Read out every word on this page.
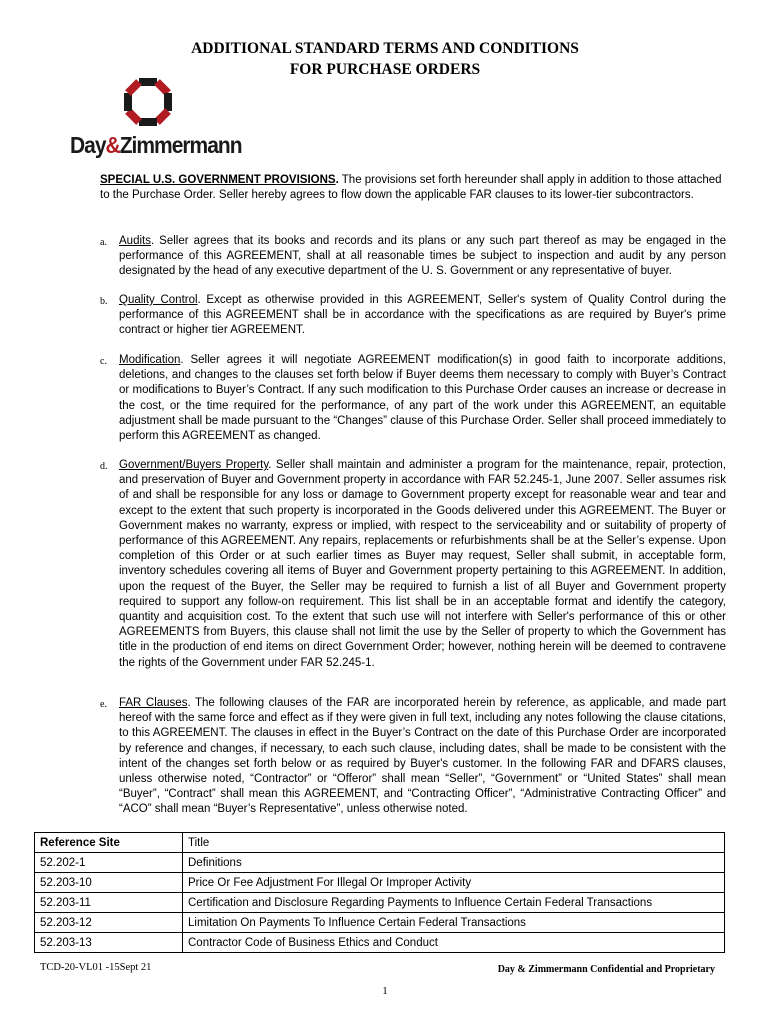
ADDITIONAL STANDARD TERMS AND CONDITIONS
FOR PURCHASE ORDERS
Day&Zimmermann
SPECIAL U.S. GOVERNMENT PROVISIONS. The provisions set forth hereunder shall apply in addition to those attached to the Purchase Order. Seller hereby agrees to flow down the applicable FAR clauses to its lower-tier subcontractors.
a. Audits. Seller agrees that its books and records and its plans or any such part thereof as may be engaged in the performance of this AGREEMENT, shall at all reasonable times be subject to inspection and audit by any person designated by the head of any executive department of the U. S. Government or any representative of buyer.
b. Quality Control. Except as otherwise provided in this AGREEMENT, Seller's system of Quality Control during the performance of this AGREEMENT shall be in accordance with the specifications as are required by Buyer's prime contract or higher tier AGREEMENT.
c. Modification. Seller agrees it will negotiate AGREEMENT modification(s) in good faith to incorporate additions, deletions, and changes to the clauses set forth below if Buyer deems them necessary to comply with Buyer’s Contract or modifications to Buyer’s Contract. If any such modification to this Purchase Order causes an increase or decrease in the cost, or the time required for the performance, of any part of the work under this AGREEMENT, an equitable adjustment shall be made pursuant to the “Changes” clause of this Purchase Order. Seller shall proceed immediately to perform this AGREEMENT as changed.
d. Government/Buyers Property. Seller shall maintain and administer a program for the maintenance, repair, protection, and preservation of Buyer and Government property in accordance with FAR 52.245-1, June 2007. Seller assumes risk of and shall be responsible for any loss or damage to Government property except for reasonable wear and tear and except to the extent that such property is incorporated in the Goods delivered under this AGREEMENT. The Buyer or Government makes no warranty, express or implied, with respect to the serviceability and or suitability of property of performance of this AGREEMENT. Any repairs, replacements or refurbishments shall be at the Seller’s expense. Upon completion of this Order or at such earlier times as Buyer may request, Seller shall submit, in acceptable form, inventory schedules covering all items of Buyer and Government property pertaining to this AGREEMENT. In addition, upon the request of the Buyer, the Seller may be required to furnish a list of all Buyer and Government property required to support any follow-on requirement. This list shall be in an acceptable format and identify the category, quantity and acquisition cost. To the extent that such use will not interfere with Seller's performance of this or other AGREEMENTS from Buyers, this clause shall not limit the use by the Seller of property to which the Government has title in the production of end items on direct Government Order; however, nothing herein will be deemed to contravene the rights of the Government under FAR 52.245-1.
e. FAR Clauses. The following clauses of the FAR are incorporated herein by reference, as applicable, and made part hereof with the same force and effect as if they were given in full text, including any notes following the clause citations, to this AGREEMENT. The clauses in effect in the Buyer’s Contract on the date of this Purchase Order are incorporated by reference and changes, if necessary, to each such clause, including dates, shall be made to be consistent with the intent of the changes set forth below or as required by Buyer's customer. In the following FAR and DFARS clauses, unless otherwise noted, “Contractor” or “Offeror” shall mean “Seller”, “Government” or “United States” shall mean “Buyer”, “Contract” shall mean this AGREEMENT, and “Contracting Officer”, “Administrative Contracting Officer” and “ACO” shall mean “Buyer’s Representative”, unless otherwise noted.
Reference Site	Title
52.202-1	Definitions
52.203-10	Price Or Fee Adjustment For Illegal Or Improper Activity
52.203-11	Certification and Disclosure Regarding Payments to Influence Certain Federal Transactions
52.203-12	Limitation On Payments To Influence Certain Federal Transactions
52.203-13	Contractor Code of Business Ethics and Conduct
TCD-20-VL01 -15Sept 21	Day & Zimmermann Confidential and Proprietary
1
